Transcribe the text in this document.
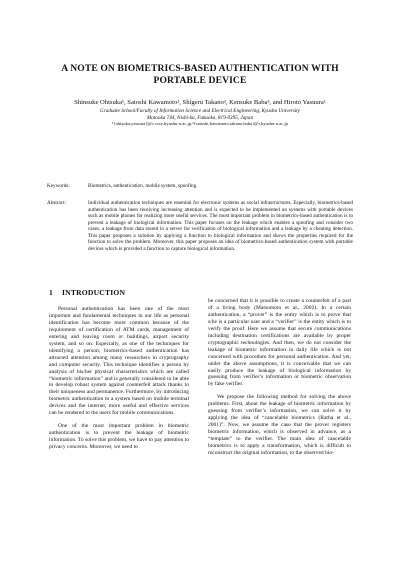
A NOTE ON BIOMETRICS-BASED AUTHENTICATION WITH
PORTABLE DEVICE
Shinsuke Ohtsuka¹, Satoshi Kawamoto², Shigeru Takano², Kensuke Baba³, and Hiroto Yasuura¹
Graduate School/Faculty of Information Science and Electrical Engineering, Kyushu University
Motooka 744, Nishi-ku, Fukuoka, 819-0395, Japan
¹{ohtsuka,yasuura}@c.csce.kyushu-u.ac.jp,²{satoshi.kawamoto,takano,baba}@i.kyushu-u.ac.jp
Keywords:	Biometrics, authentication, mobile system, spoofing.
Abstract:	Individual authentication techniques are essential for electronic systems as social infrastructures. Especially, biometrics-based authentication has been receiving increasing attention and is expected to be implemented on systems with portable devices such as mobile phones for realizing more useful services. The most important problem in biometrics-based authentication is to prevent a leakage of biological information. This paper focuses on the leakage which enables a spoofing and consider two cases, a leakage from data stored in a server for verification of biological information and a leakage by a cheating detection. This paper proposes a solution by applying a function to biological information and shows the properties required for the function to solve the problem. Moreover, this paper proposes an idea of biometrics-based authentication system with portable devices which is provided a function to capture biological information.
1 INTRODUCTION

Personal authentication has been one of the most important and fundamental techniques in our life as personal identification has become more common because of the requirement of certification of ATM cards, management of entering and leaving room or buildings, airport security system, and so on. Especially, as one of the techniques for identifying a person, biometrics-based authentication has attracted attention among many researchers in cryptography and computer security. This technique identifies a person by analysis of his/her physical characteristics which are called “biometric information” and is generally considered to be able to develop robust system against counterfeit attack thanks to their uniqueness and permanence. Furthermore, by introducing biometric authentication to a system based on mobile terminal devices and the internet, more useful and effective services can be rendered to the users for mobile communications.

One of the most important problem in biometric authentication is to prevent the leakage of biometric information. To solve this problem, we have to pay attention to privacy concerns. Moreover, we need to

be concerned that it is possible to create a counterfeit of a part of a living body (Matsumoto et al., 2002). In a certain authentication, a “prover” is the entity which is to prove that s/he is a particular user and a “verifier” is the entity which is to verify the proof. Here we assume that secure communications including destination certifications are available by proper cryptographic technologies. And then, we do not consider the leakage of biometric information in daily life which is not concerned with procedure for personal authentication. And yet, under the above assumptions, it is conceivable that we can easily produce the leakage of biological information by guessing from verifier’s information or biometric observation by fake verifier.

We propose the following method for solving the above problems. First, about the leakage of biometric information by guessing from verifier’s information, we can solve it by applying the idea of “cancelable biometrics (Ratha et al., 2001)”. Now, we assume the case that the prover registers biometric information, which is observed in advance, as a “template” to the verifier. The main idea of cancelable biometrics is to apply a transformation, which is difficult to reconstruct the original information, to the observed bio-
